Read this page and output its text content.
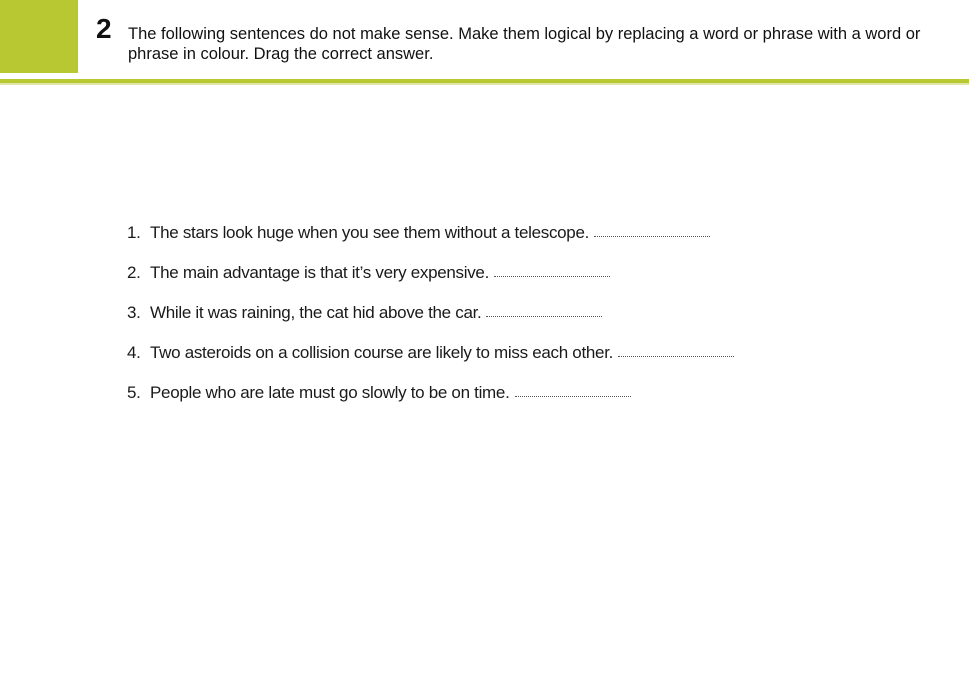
2 The following sentences do not make sense. Make them logical by replacing a word or phrase with a word or phrase in colour. Drag the correct answer.
1. The stars look huge when you see them without a telescope.
2. The main advantage is that it’s very expensive.
3. While it was raining, the cat hid above the car.
4. Two asteroids on a collision course are likely to miss each other.
5. People who are late must go slowly to be on time.
